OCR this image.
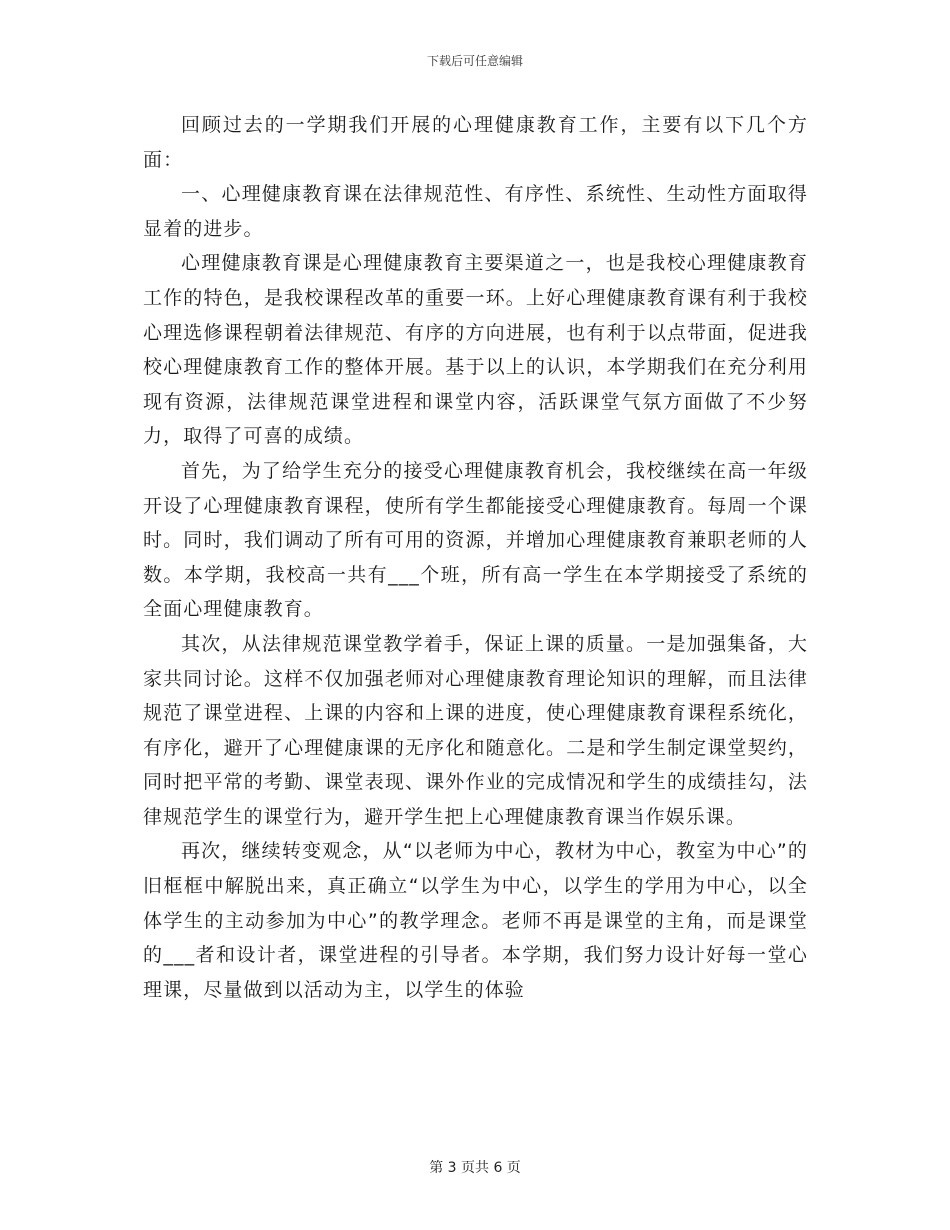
下载后可任意编辑

回顾过去的一学期我们开展的心理健康教育工作，主要有以下几个方面：

一、心理健康教育课在法律规范性、有序性、系统性、生动性方面取得显着的进步。

心理健康教育课是心理健康教育主要渠道之一，也是我校心理健康教育工作的特色，是我校课程改革的重要一环。上好心理健康教育课有利于我校心理选修课程朝着法律规范、有序的方向进展，也有利于以点带面，促进我校心理健康教育工作的整体开展。基于以上的认识，本学期我们在充分利用现有资源，法律规范课堂进程和课堂内容，活跃课堂气氛方面做了不少努力，取得了可喜的成绩。

首先，为了给学生充分的接受心理健康教育机会，我校继续在高一年级开设了心理健康教育课程，使所有学生都能接受心理健康教育。每周一个课时。同时，我们调动了所有可用的资源，并增加心理健康教育兼职老师的人数。本学期，我校高一共有___个班，所有高一学生在本学期接受了系统的全面心理健康教育。

其次，从法律规范课堂教学着手，保证上课的质量。一是加强集备，大家共同讨论。这样不仅加强老师对心理健康教育理论知识的理解，而且法律规范了课堂进程、上课的内容和上课的进度，使心理健康教育课程系统化，有序化，避开了心理健康课的无序化和随意化。二是和学生制定课堂契约，同时把平常的考勤、课堂表现、课外作业的完成情况和学生的成绩挂勾，法律规范学生的课堂行为，避开学生把上心理健康教育课当作娱乐课。

再次，继续转变观念，从“以老师为中心，教材为中心，教室为中心”的旧框框中解脱出来，真正确立“以学生为中心，以学生的学用为中心，以全体学生的主动参加为中心”的教学理念。老师不再是课堂的主角，而是课堂的___者和设计者，课堂进程的引导者。本学期，我们努力设计好每一堂心理课，尽量做到以活动为主，以学生的体验

第 3 页共 6 页
